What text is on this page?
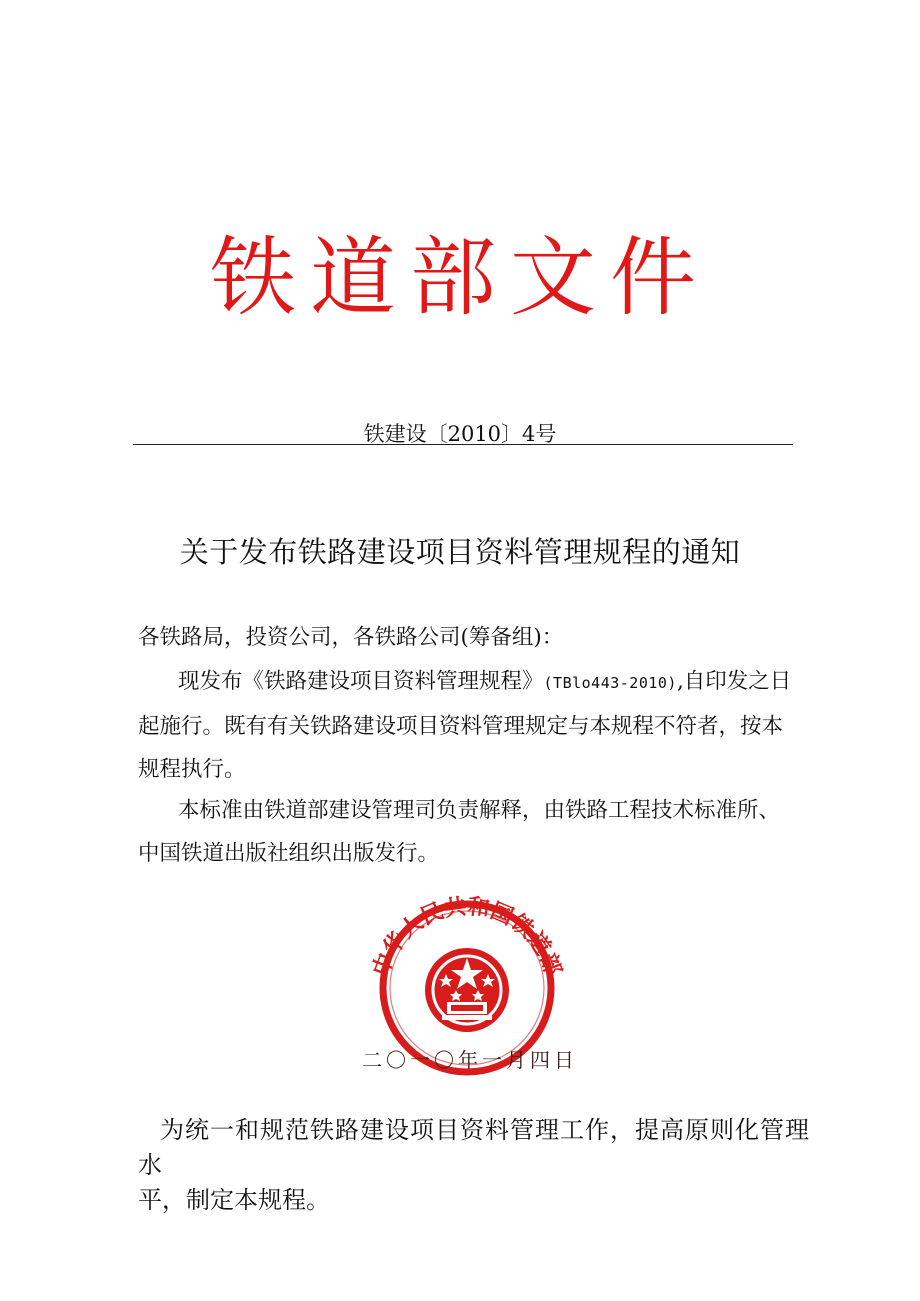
铁道部文件
铁建设〔2010〕4号
关于发布铁路建设项目资料管理规程的通知
各铁路局，投资公司，各铁路公司(筹备组)：
现发布《铁路建设项目资料管理规程》(TBlo443-2010),自印发之日起施行。既有有关铁路建设项目资料管理规定与本规程不符者，按本规程执行。
本标准由铁道部建设管理司负责解释，由铁路工程技术标准所、中国铁道出版社组织出版发行。
中华人民共和国铁道部
二〇一〇年一月四日
为统一和规范铁路建设项目资料管理工作，提高原则化管理水
平，制定本规程。
